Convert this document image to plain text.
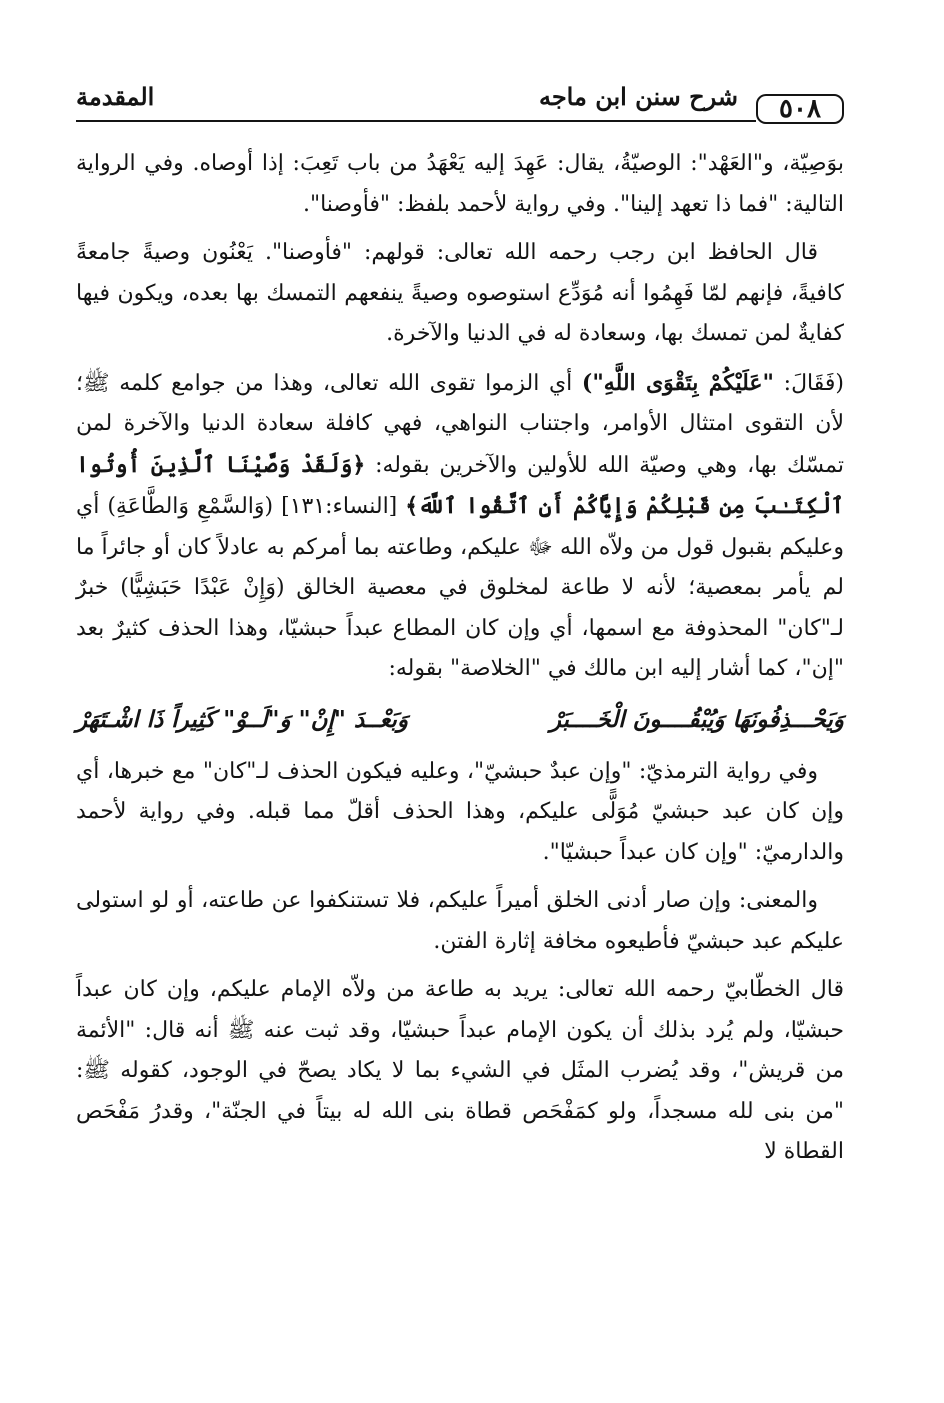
٥٠٨
شرح سنن ابن ماجه
المقدمة

بوَصِيّة، و"العَهْد": الوصيّةُ، يقال: عَهِدَ إليه يَعْهَدُ من باب تَعِبَ: إذا أوصاه. وفي الرواية التالية: "فما ذا تعهد إلينا". وفي رواية لأحمد بلفظ: "فأوصنا".

قال الحافظ ابن رجب رحمه الله تعالى: قولهم: "فأوصنا". يَعْنُون وصيةً جامعةً كافيةً، فإنهم لمّا فَهِمُوا أنه مُوَدِّع استوصوه وصيةً ينفعهم التمسك بها بعده، ويكون فيها كفايةٌ لمن تمسك بها، وسعادة له في الدنيا والآخرة.

(فَقَالَ: "عَلَيْكُمْ بِتَقْوَى اللَّهِ") أي الزموا تقوى الله تعالى، وهذا من جوامع كلمه ﷺ؛ لأن التقوى امتثال الأوامر، واجتناب النواهي، فهي كافلة سعادة الدنيا والآخرة لمن تمسّك بها، وهي وصيّة الله للأولين والآخرين بقوله: ﴿وَلَقَدْ وَصَّيْنَا ٱلَّذِينَ أُوتُوا ٱلْكِتَـٰبَ مِن قَبْلِكُمْ وَإِيَّاكُمْ أَنِ ٱتَّقُوا ٱللَّهَ﴾ [النساء:١٣١] (وَالسَّمْعِ وَالطَّاعَةِ) أي وعليكم بقبول قول من ولاّه الله ﷻ عليكم، وطاعته بما أمركم به عادلاً كان أو جائراً ما لم يأمر بمعصية؛ لأنه لا طاعة لمخلوق في معصية الخالق (وَإِنْ عَبْدًا حَبَشِيًّا) خبرٌ لـ"كان" المحذوفة مع اسمها، أي وإن كان المطاع عبداً حبشيّا، وهذا الحذف كثيرٌ بعد "إن"، كما أشار إليه ابن مالك في "الخلاصة" بقوله:

وَيَحْـــذِفُونَهَا وَيُبْقُــــونَ الْخَــــبَرْ
وَبَعْــدَ "إِنْ" وَ"لَــوْ" كَثِيراً ذَا اشْـتَهَرْ

وفي رواية الترمذيّ: "وإن عبدٌ حبشيّ"، وعليه فيكون الحذف لـ"كان" مع خبرها، أي وإن كان عبد حبشيّ مُوَلًّى عليكم، وهذا الحذف أقلّ مما قبله. وفي رواية لأحمد والدارميّ: "وإن كان عبداً حبشيّا".

والمعنى: وإن صار أدنى الخلق أميراً عليكم، فلا تستنكفوا عن طاعته، أو لو استولى عليكم عبد حبشيّ فأطيعوه مخافة إثارة الفتن.

قال الخطّابيّ رحمه الله تعالى: يريد به طاعة من ولاّه الإمام عليكم، وإن كان عبداً حبشيّا، ولم يُرد بذلك أن يكون الإمام عبداً حبشيّا، وقد ثبت عنه ﷺ أنه قال: "الأئمة من قريش"، وقد يُضرب المثَل في الشيء بما لا يكاد يصحّ في الوجود، كقوله ﷺ: "من بنى لله مسجداً، ولو كمَفْحَص قطاة بنى الله له بيتاً في الجنّة"، وقدرُ مَفْحَص القطاة لا
